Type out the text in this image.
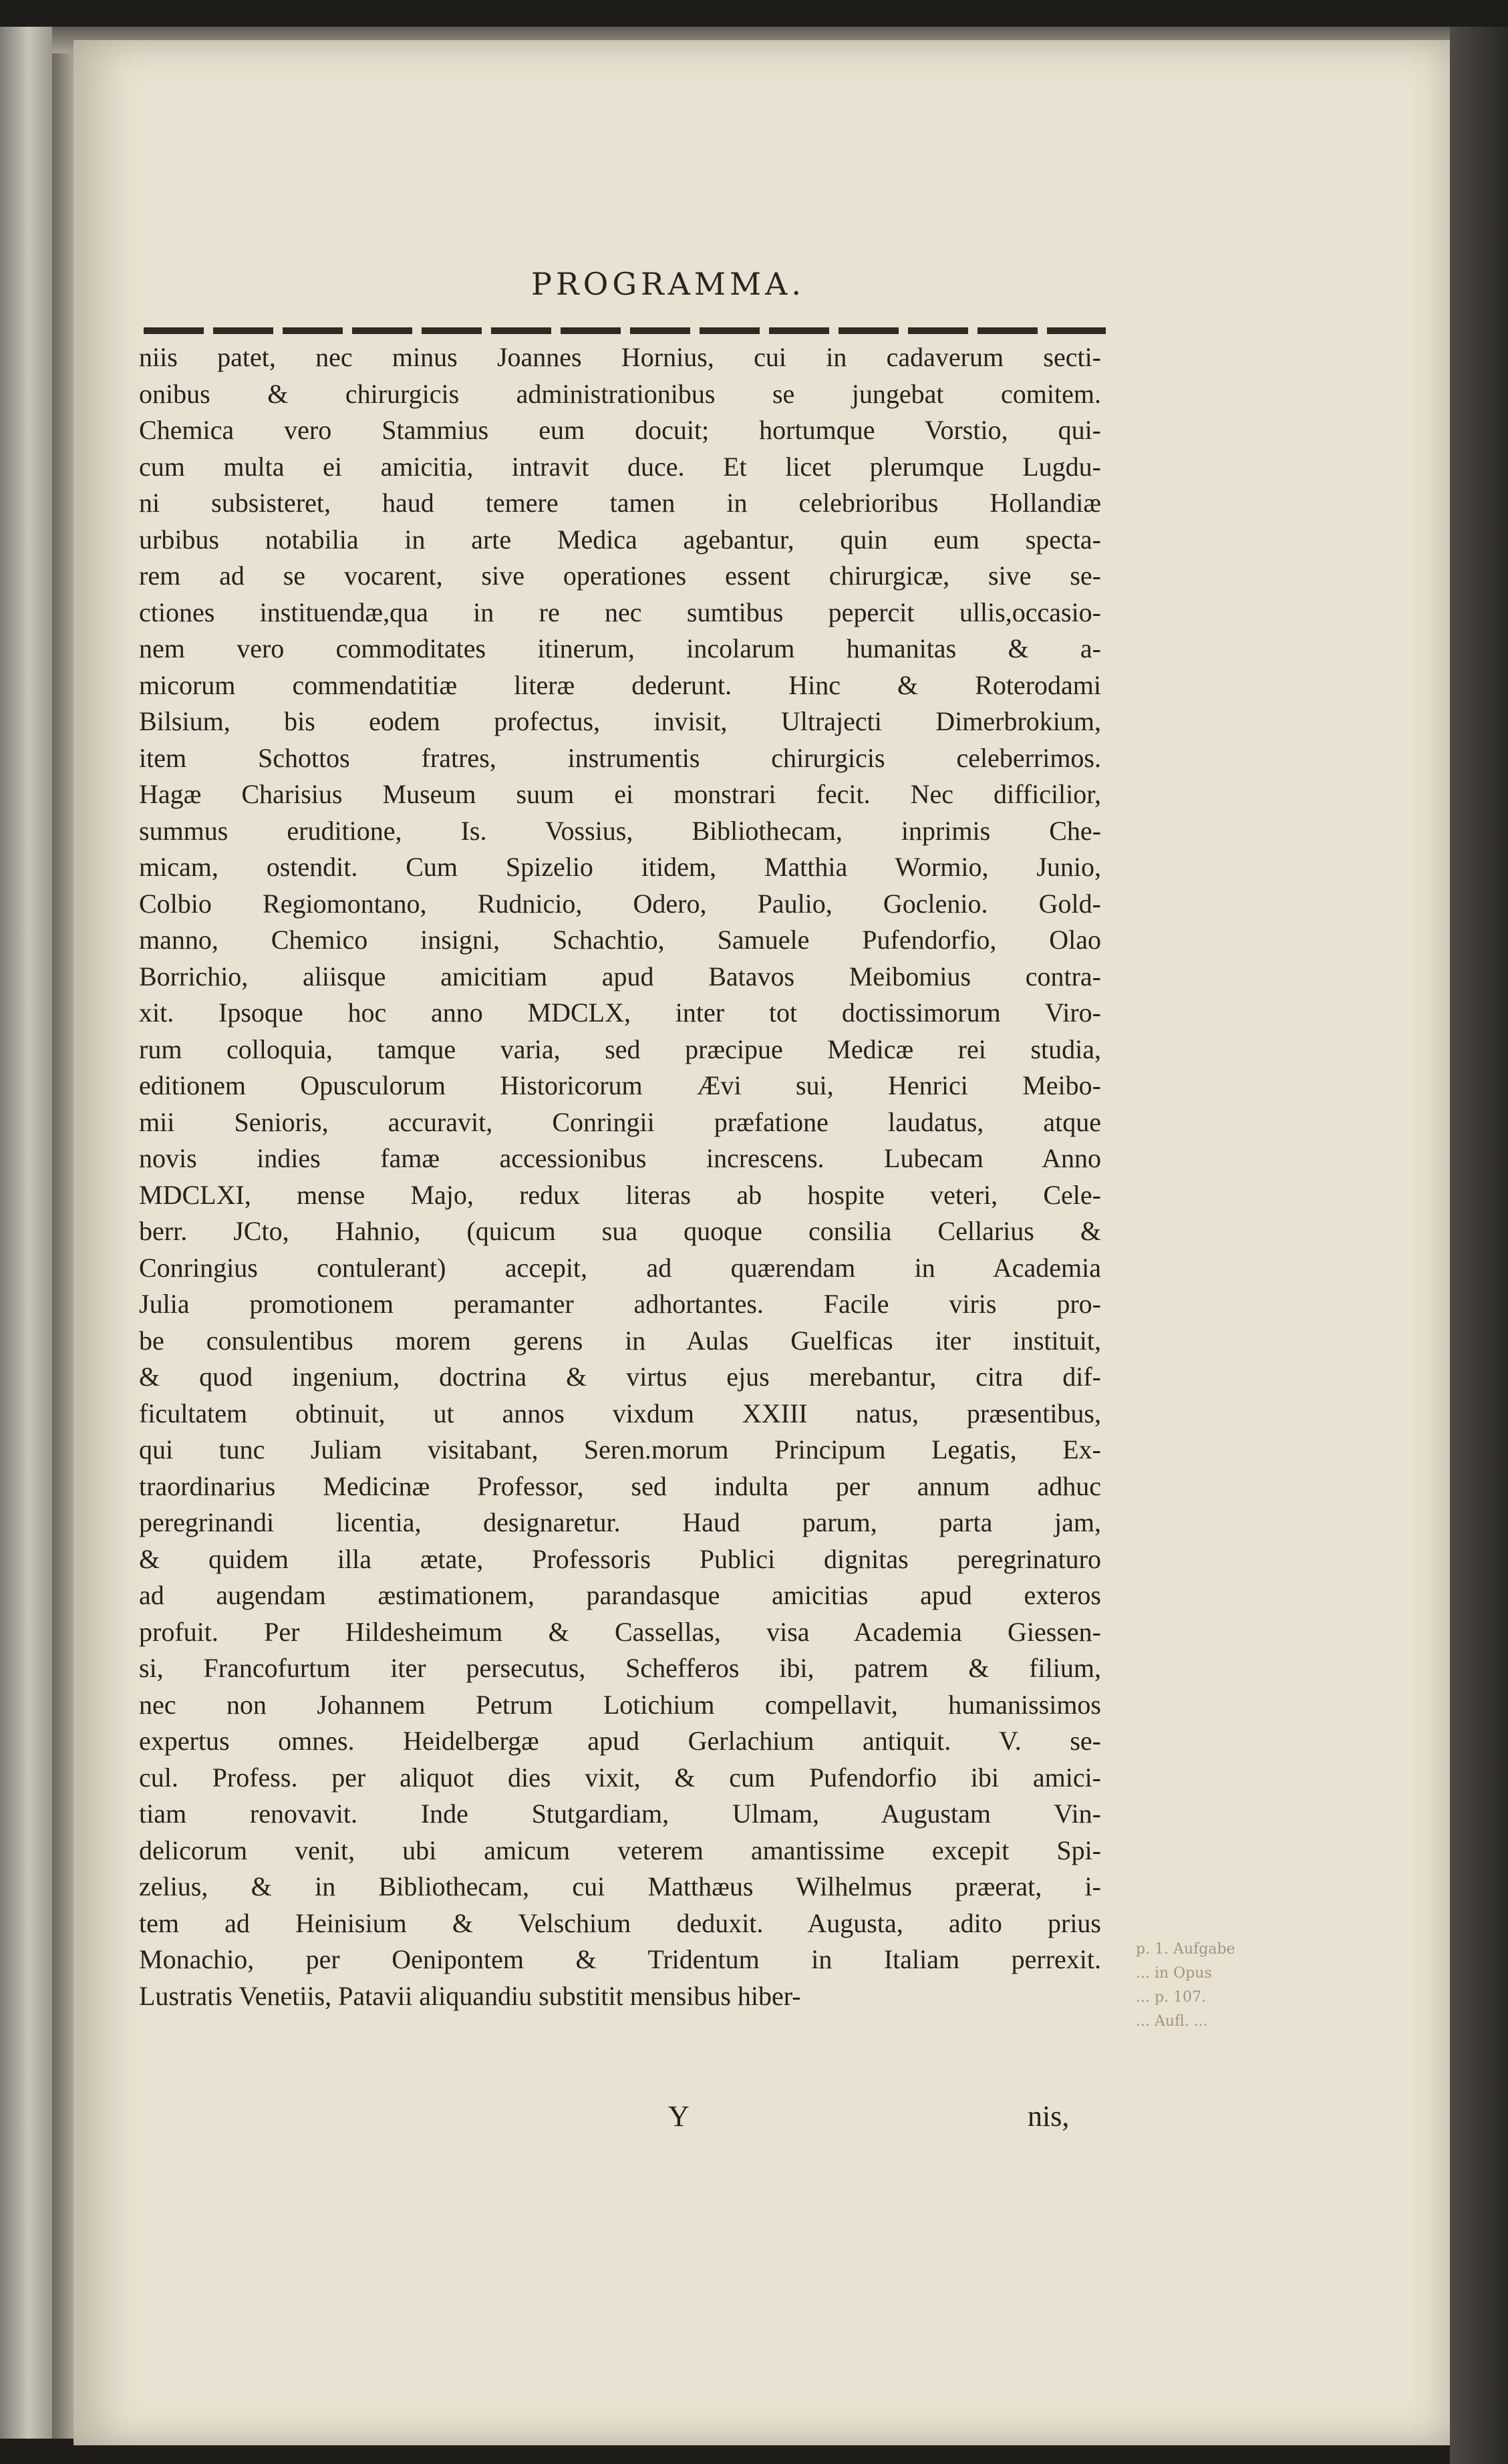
PROGRAMMA.
niis patet, nec minus Joannes Hornius, cui in cadaverum secti-
onibus & chirurgicis administrationibus se jungebat comitem.
Chemica vero Stammius eum docuit; hortumque Vorstio, qui-
cum multa ei amicitia, intravit duce. Et licet plerumque Lugdu-
ni subsisteret, haud temere tamen in celebrioribus Hollandiæ
urbibus notabilia in arte Medica agebantur, quin eum specta-
rem ad se vocarent, sive operationes essent chirurgicæ, sive se-
ctiones instituendæ,qua in re nec sumtibus pepercit ullis,occasio-
nem vero commoditates itinerum, incolarum humanitas & a-
micorum commendatitiæ literæ dederunt. Hinc & Roterodami
Bilsium, bis eodem profectus, invisit, Ultrajecti Dimerbrokium,
item Schottos fratres, instrumentis chirurgicis celeberrimos.
Hagæ Charisius Museum suum ei monstrari fecit. Nec difficilior,
summus eruditione, Is. Vossius, Bibliothecam, inprimis Che-
micam, ostendit. Cum Spizelio itidem, Matthia Wormio, Junio,
Colbio Regiomontano, Rudnicio, Odero, Paulio, Goclenio. Gold-
manno, Chemico insigni, Schachtio, Samuele Pufendorfio, Olao
Borrichio, aliisque amicitiam apud Batavos Meibomius contra-
xit. Ipsoque hoc anno MDCLX, inter tot doctissimorum Viro-
rum colloquia, tamque varia, sed præcipue Medicæ rei studia,
editionem Opusculorum Historicorum Ævi sui, Henrici Meibo-
mii Senioris, accuravit, Conringii præfatione laudatus, atque
novis indies famæ accessionibus increscens. Lubecam Anno
MDCLXI, mense Majo, redux literas ab hospite veteri, Cele-
berr. JCto, Hahnio, (quicum sua quoque consilia Cellarius &
Conringius contulerant) accepit, ad quærendam in Academia
Julia promotionem peramanter adhortantes. Facile viris pro-
be consulentibus morem gerens in Aulas Guelficas iter instituit,
& quod ingenium, doctrina & virtus ejus merebantur, citra dif-
ficultatem obtinuit, ut annos vixdum XXIII natus, præsentibus,
qui tunc Juliam visitabant, Seren.morum Principum Legatis, Ex-
traordinarius Medicinæ Professor, sed indulta per annum adhuc
peregrinandi licentia, designaretur. Haud parum, parta jam,
& quidem illa ætate, Professoris Publici dignitas peregrinaturo
ad augendam æstimationem, parandasque amicitias apud exteros
profuit. Per Hildesheimum & Cassellas, visa Academia Giessen-
si, Francofurtum iter persecutus, Schefferos ibi, patrem & filium,
nec non Johannem Petrum Lotichium compellavit, humanissimos
expertus omnes. Heidelbergæ apud Gerlachium antiquit. V. se-
cul. Profess. per aliquot dies vixit, & cum Pufendorfio ibi amici-
tiam renovavit. Inde Stutgardiam, Ulmam, Augustam Vin-
delicorum venit, ubi amicum veterem amantissime excepit Spi-
zelius, & in Bibliothecam, cui Matthæus Wilhelmus præerat, i-
tem ad Heinisium & Velschium deduxit. Augusta, adito prius
Monachio, per Oenipontem & Tridentum in Italiam perrexit.
Lustratis Venetiis, Patavii aliquandiu substitit mensibus hiber-
Y	nis,
p. 1. Aufgabe
... in Opus
... p. 107.
... Aufl. ...
